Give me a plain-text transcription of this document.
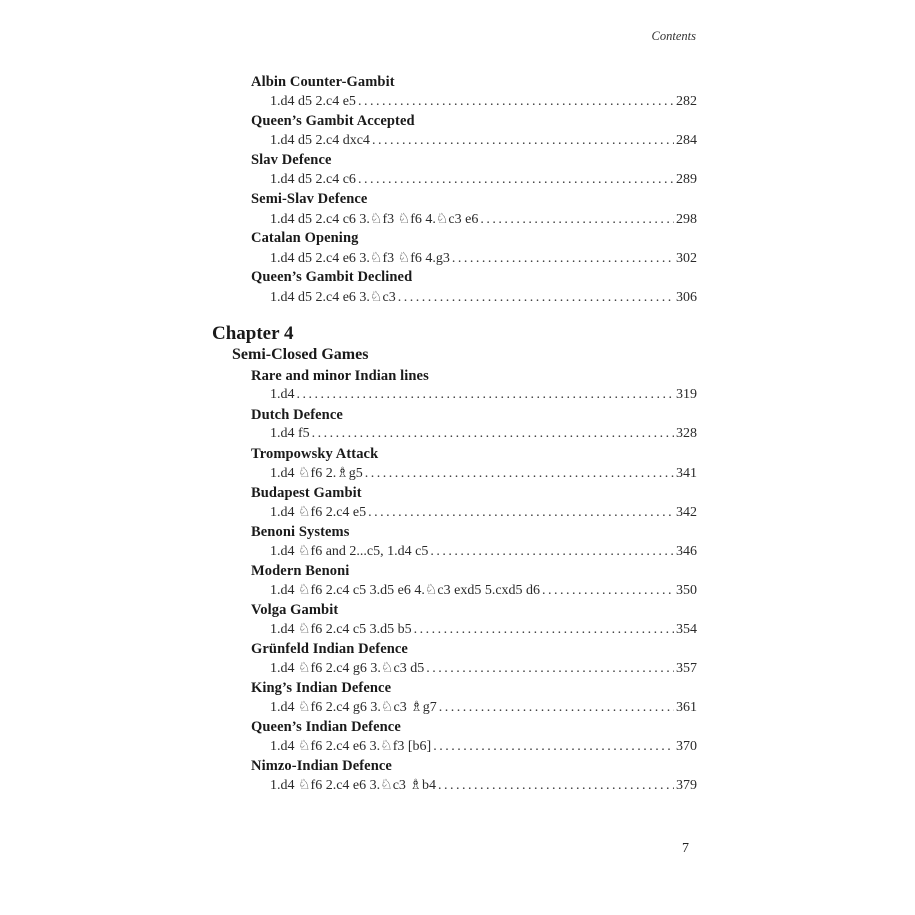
Contents
Albin Counter-Gambit
1.d4 d5 2.c4 e5 . . .	282
Queen’s Gambit Accepted
1.d4 d5 2.c4 dxc4 . . .	284
Slav Defence
1.d4 d5 2.c4 c6 . . .	289
Semi-Slav Defence
1.d4 d5 2.c4 c6 3.♘f3 ♘f6 4.♘c3 e6 . . .	298
Catalan Opening
1.d4 d5 2.c4 e6 3.♘f3 ♘f6 4.g3 . . .	302
Queen’s Gambit Declined
1.d4 d5 2.c4 e6 3.♘c3 . . .	306
Chapter 4
Semi-Closed Games
Rare and minor Indian lines
1.d4 . . .	319
Dutch Defence
1.d4 f5 . . .	328
Trompowsky Attack
1.d4 ♘f6 2.♗g5 . . .	341
Budapest Gambit
1.d4 ♘f6 2.c4 e5 . . .	342
Benoni Systems
1.d4 ♘f6 and 2...c5, 1.d4 c5 . . .	346
Modern Benoni
1.d4 ♘f6 2.c4 c5 3.d5 e6 4.♘c3 exd5 5.cxd5 d6 . . .	350
Volga Gambit
1.d4 ♘f6 2.c4 c5 3.d5 b5 . . .	354
Grünfeld Indian Defence
1.d4 ♘f6 2.c4 g6 3.♘c3 d5 . . .	357
King’s Indian Defence
1.d4 ♘f6 2.c4 g6 3.♘c3 ♗g7 . . .	361
Queen’s Indian Defence
1.d4 ♘f6 2.c4 e6 3.♘f3 [b6] . . .	370
Nimzo-Indian Defence
1.d4 ♘f6 2.c4 e6 3.♘c3 ♗b4 . . .	379
7
